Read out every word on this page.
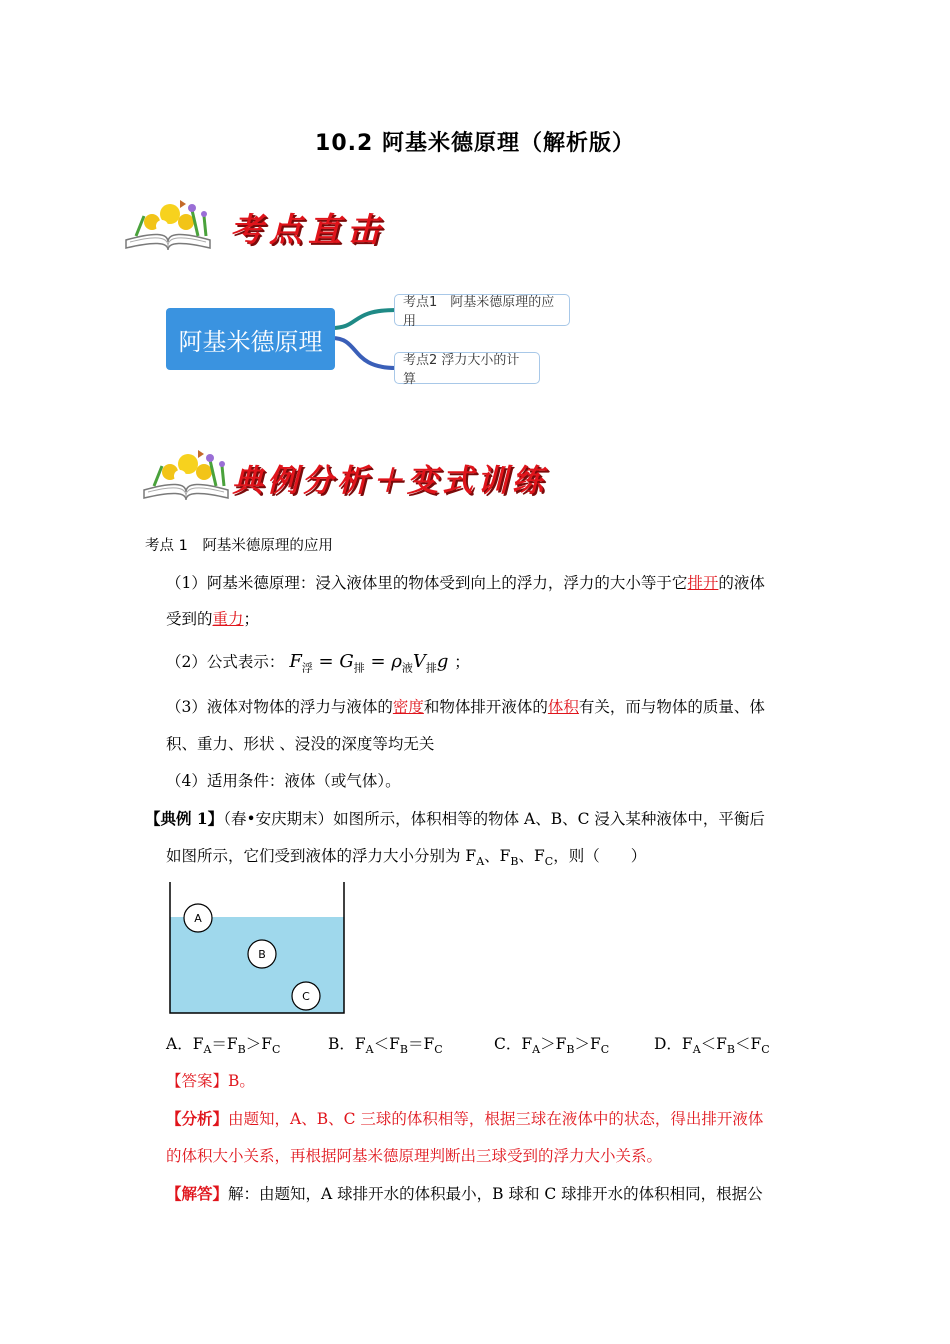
10.2 阿基米德原理（解析版）
考点直击
阿基米德原理
考点1　阿基米德原理的应用
考点2 浮力大小的计算
典例分析＋变式训练
考点 1　阿基米德原理的应用
（1）阿基米德原理：浸入液体里的物体受到向上的浮力，浮力的大小等于它排开的液体
受到的重力；
（2）公式表示： $F_浮 = G_排 = \rho_液V_排g$ ；
（3）液体对物体的浮力与液体的密度和物体排开液体的体积有关，而与物体的质量、体
积、重力、形状 、浸没的深度等均无关
（4）适用条件：液体（或气体）。
【典例 1】（春•安庆期末）如图所示，体积相等的物体 A、B、C 浸入某种液体中，平衡后
如图所示，它们受到液体的浮力大小分别为 $F_A$、$F_B$、$F_C$，则（　　）
A
B
C
A．$F_A=F_B>F_C$	B．$F_A<F_B=F_C$	C．$F_A>F_B>F_C$	D．$F_A<F_B<F_C$
【答案】B。
【分析】由题知，A、B、C 三球的体积相等，根据三球在液体中的状态，得出排开液体
的体积大小关系，再根据阿基米德原理判断出三球受到的浮力大小关系。
【解答】解：由题知，A 球排开水的体积最小，B 球和 C 球排开水的体积相同，根据公
